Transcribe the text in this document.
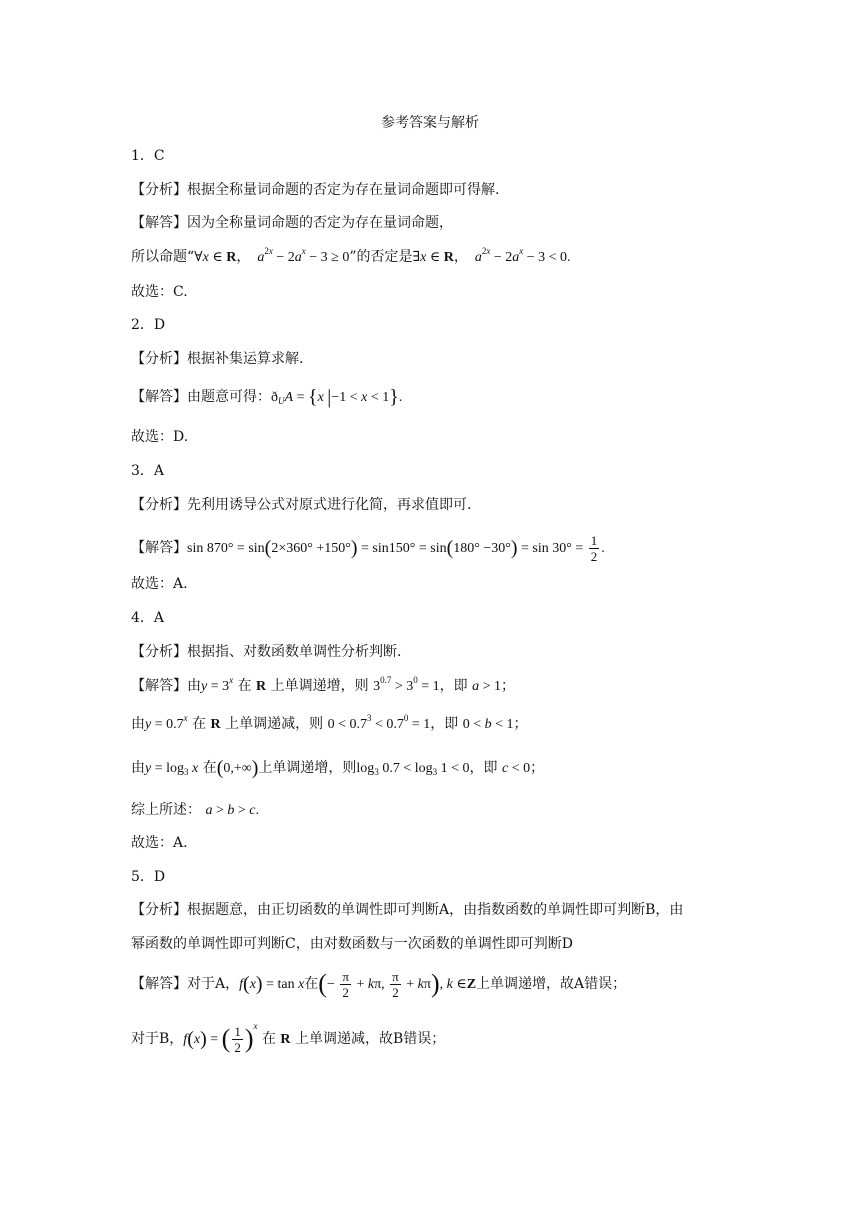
参考答案与解析
1．C
【分析】根据全称量词命题的否定为存在量词命题即可得解.
【解答】因为全称量词命题的否定为存在量词命题，
所以命题“∀x ∈ R，  $a^{2x} - 2a^x - 3 \ge 0$”的否定是∃x ∈ R，  $a^{2x} - 2a^x - 3 < 0$.
故选：C.
2．D
【分析】根据补集运算求解.
【解答】由题意可得：$ð_UA = \{x$ |−1 < x < 1}.
故选：D.
3．A
【分析】先利用诱导公式对原式进行化简，再求值即可.
【解答】$\sin 870^\circ = \sin(2\times 360^\circ +150^\circ) = \sin 150^\circ = \sin(180^\circ -30^\circ) = \sin 30^\circ = \frac{1}{2}$ .
故选：A.
4．A
【分析】根据指、对数函数单调性分析判断.
【解答】由$y = 3^x$ 在 R 上单调递增，则 $3^{0.7} > 3^0 = 1$，即 a > 1；
由$y = 0.7^x$ 在 R 上单调递减，则 $0 < 0.7^3 < 0.7^0 = 1$，即 0 < b < 1；
由$y = \log_3 x$ 在(0,+∞)上单调递增，则$\log_3 0.7 < \log_3 1 < 0$，即 c < 0；
综上所述： a > b > c.
故选：A.
5．D
【分析】根据题意，由正切函数的单调性即可判断A，由指数函数的单调性即可判断B，由
幂函数的单调性即可判断C，由对数函数与一次函数的单调性即可判断D
【解答】对于A，f(x) = tan x在(− $\frac{\pi}{2} + k\pi$, $\frac{\pi}{2} + k\pi$), k ∈Z上单调递增，故A错误；
对于B，f(x) = ( $\frac{1}{2} )^x$ 在 R 上单调递减，故B错误；
